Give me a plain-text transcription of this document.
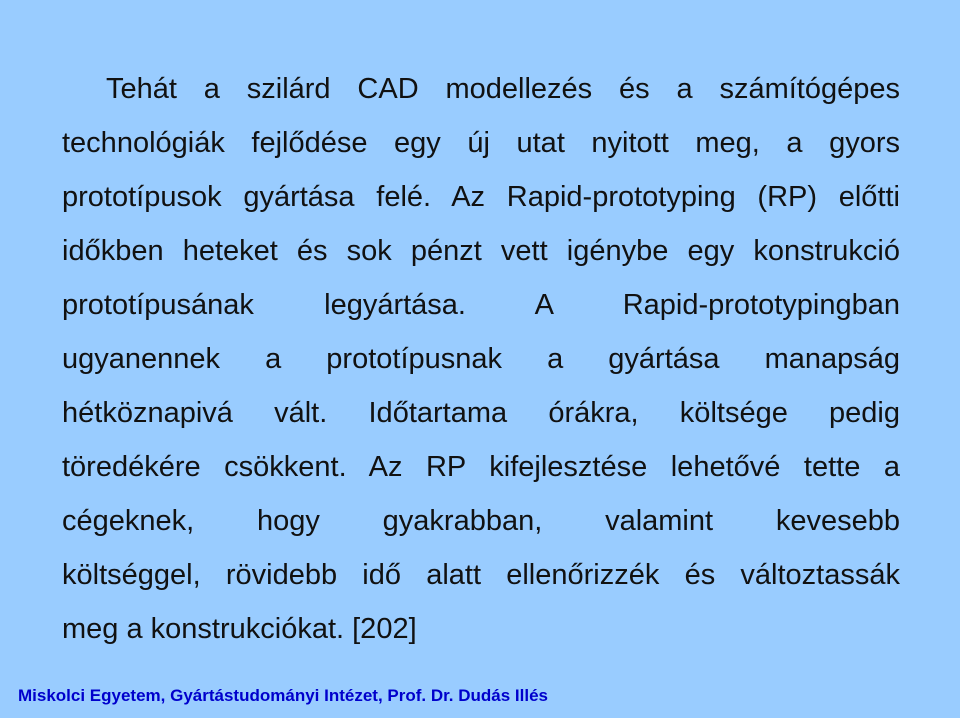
Tehát a szilárd CAD modellezés és a számítógépes
technológiák fejlődése egy új utat nyitott meg, a gyors
prototípusok gyártása felé. Az Rapid-prototyping (RP) előtti
időkben heteket és sok pénzt vett igénybe egy konstrukció
prototípusának legyártása. A Rapid-prototypingban
ugyanennek a prototípusnak a gyártása manapság
hétköznapivá vált. Időtartama órákra, költsége pedig
töredékére csökkent. Az RP kifejlesztése lehetővé tette a
cégeknek, hogy gyakrabban, valamint kevesebb
költséggel, rövidebb idő alatt ellenőrizzék és változtassák
meg a konstrukciókat. [202]
Miskolci Egyetem, Gyártástudományi Intézet, Prof. Dr. Dudás Illés
